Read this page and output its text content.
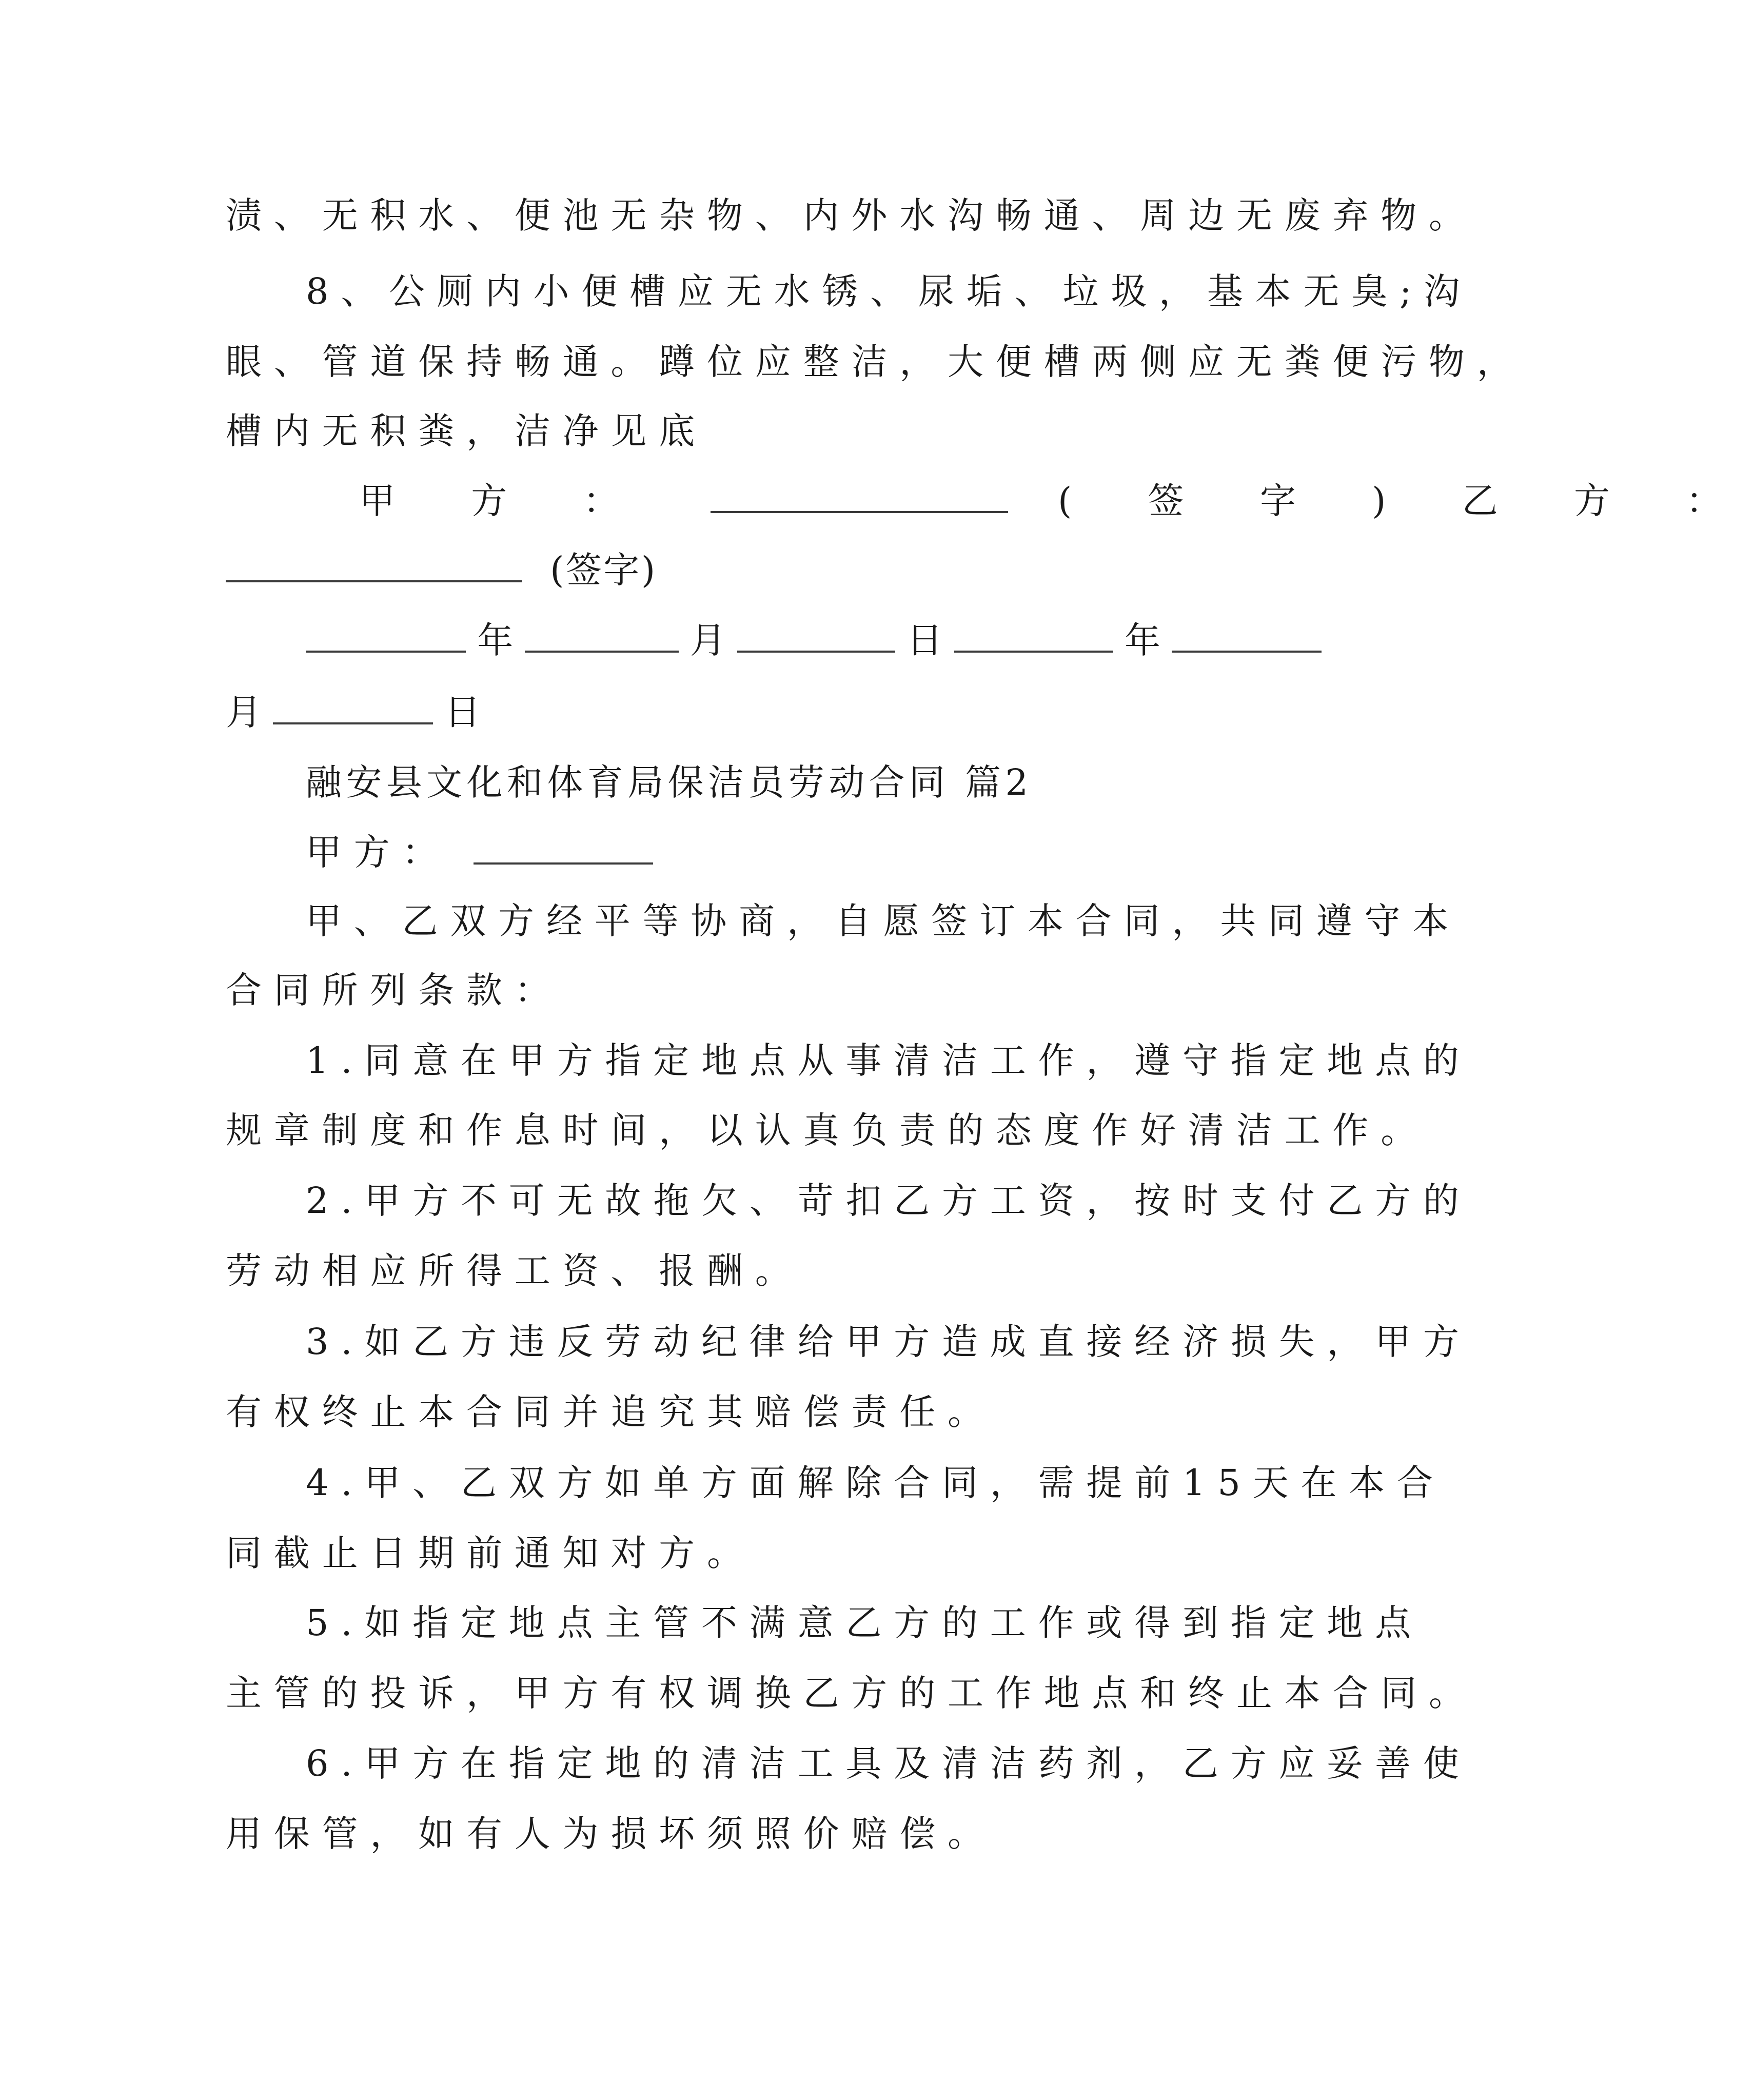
渍、无积水、便池无杂物、内外水沟畅通、周边无废弃物。
8、公厕内小便槽应无水锈、尿垢、垃圾，基本无臭;沟
眼、管道保持畅通。蹲位应整洁，大便槽两侧应无粪便污物，
槽内无积粪，洁净见底
甲 方 ：	( 签 字 ) 乙 方 ：
(签字)
年	月	日	年
月	日
融安县文化和体育局保洁员劳动合同 篇2
甲方：
甲、乙双方经平等协商，自愿签订本合同，共同遵守本
合同所列条款：
1.同意在甲方指定地点从事清洁工作，遵守指定地点的
规章制度和作息时间，以认真负责的态度作好清洁工作。
2.甲方不可无故拖欠、苛扣乙方工资，按时支付乙方的
劳动相应所得工资、报酬。
3.如乙方违反劳动纪律给甲方造成直接经济损失，甲方
有权终止本合同并追究其赔偿责任。
4.甲、乙双方如单方面解除合同，需提前15天在本合
同截止日期前通知对方。
5.如指定地点主管不满意乙方的工作或得到指定地点
主管的投诉，甲方有权调换乙方的工作地点和终止本合同。
6.甲方在指定地的清洁工具及清洁药剂，乙方应妥善使
用保管，如有人为损坏须照价赔偿。
